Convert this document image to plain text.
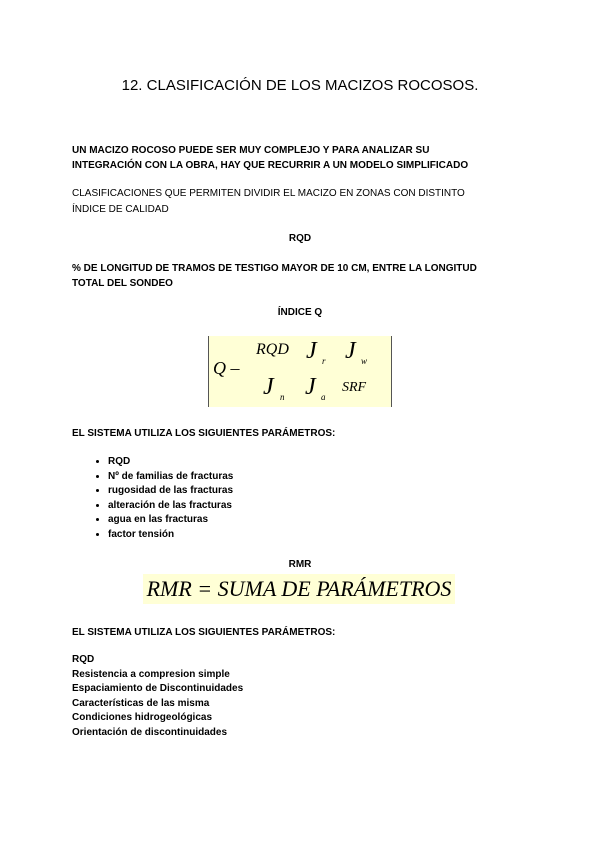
12. CLASIFICACIÓN DE LOS MACIZOS ROCOSOS.
UN MACIZO ROCOSO PUEDE SER MUY COMPLEJO Y PARA ANALIZAR SU
INTEGRACIÓN CON LA OBRA, HAY QUE RECURRIR A UN MODELO SIMPLIFICADO
CLASIFICACIONES QUE PERMITEN DIVIDIR EL MACIZO EN ZONAS CON DISTINTO
ÍNDICE DE CALIDAD
RQD
% DE LONGITUD DE TRAMOS DE TESTIGO MAYOR DE 10 CM, ENTRE LA LONGITUD
TOTAL DEL SONDEO
ÍNDICE Q
Q –
RQD J r J w
J n J a
SRF
EL SISTEMA UTILIZA LOS SIGUIENTES PARÁMETROS:
• RQD
• Nº de familias de fracturas
• rugosidad de las fracturas
• alteración de las fracturas
• agua en las fracturas
• factor tensión
RMR
RMR = SUMA DE PARÁMETROS
EL SISTEMA UTILIZA LOS SIGUIENTES PARÁMETROS:
RQD
Resistencia a compresion simple
Espaciamiento de Discontinuidades
Características de las misma
Condiciones hidrogeológicas
Orientación de discontinuidades
